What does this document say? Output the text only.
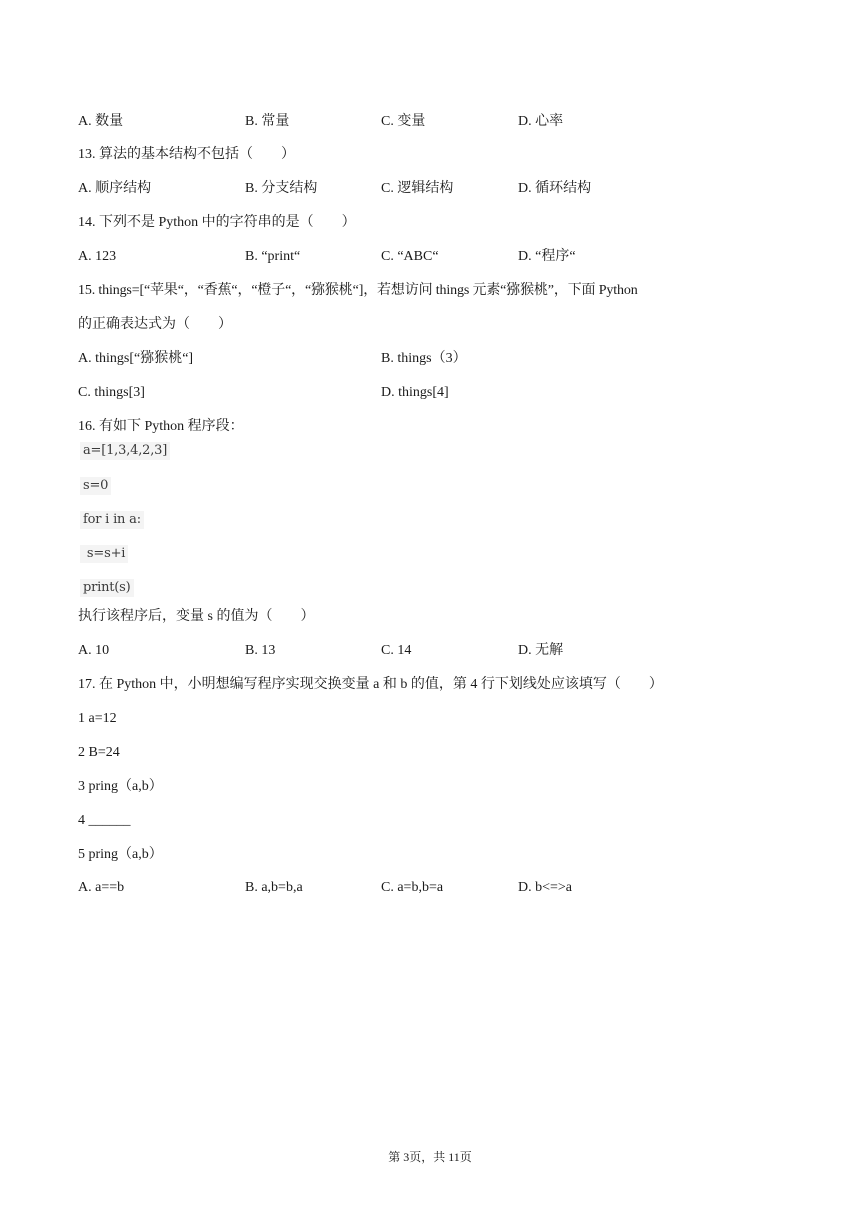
A. 数量	B. 常量	C. 变量	D. 心率
13. 算法的基本结构不包括（　　）
A. 顺序结构	B. 分支结构	C. 逻辑结构	D. 循环结构
14. 下列不是 Python 中的字符串的是（　　）
A. 123	B. “print“	C. “ABC“	D. “程序“
15. things=[“苹果“，“香蕉“，“橙子“，“猕猴桃“]，若想访问 things 元素“猕猴桃”，下面 Python
的正确表达式为（　　）
A. things[“猕猴桃“]	B. things（3）
C. things[3]	D. things[4]
16. 有如下 Python 程序段：
a=[1,3,4,2,3]
s=0
for i in a:
s=s+i
print(s)
执行该程序后，变量 s 的值为（　　）
A. 10	B. 13	C. 14	D. 无解
17. 在 Python 中，小明想编写程序实现交换变量 a 和 b 的值，第 4 行下划线处应该填写（　　）
1 a=12
2 B=24
3 pring（a,b）
4 ______
5 pring（a,b）
A. a==b	B. a,b=b,a	C. a=b,b=a	D. b<=>a
第 3页，共 11页
